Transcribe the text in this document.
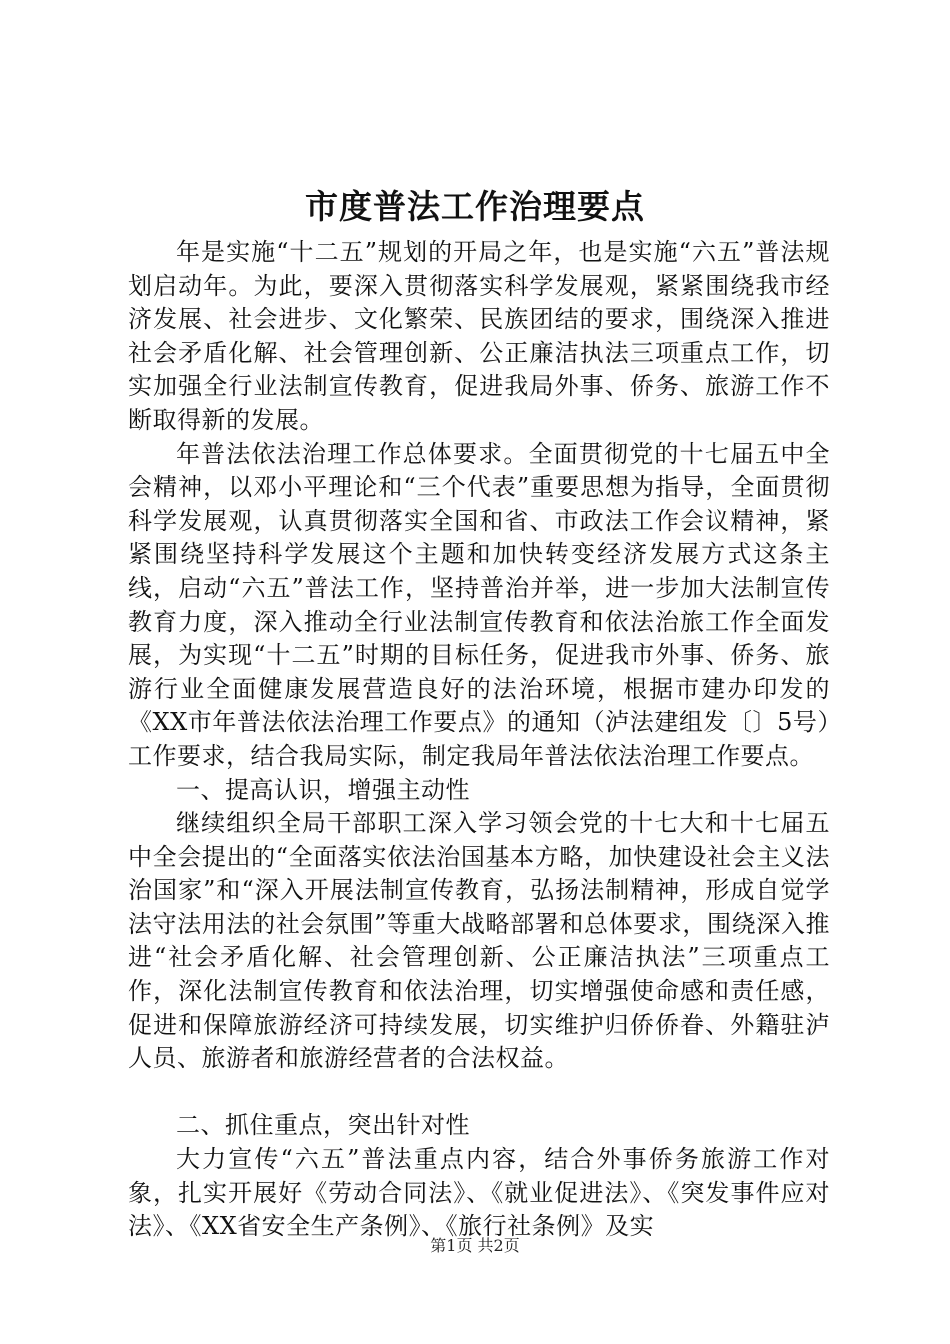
市度普法工作治理要点

年是实施“十二五”规划的开局之年，也是实施“六五”普法规划启动年。为此，要深入贯彻落实科学发展观，紧紧围绕我市经济发展、社会进步、文化繁荣、民族团结的要求，围绕深入推进社会矛盾化解、社会管理创新、公正廉洁执法三项重点工作，切实加强全行业法制宣传教育，促进我局外事、侨务、旅游工作不断取得新的发展。

年普法依法治理工作总体要求。全面贯彻党的十七届五中全会精神，以邓小平理论和“三个代表”重要思想为指导，全面贯彻科学发展观，认真贯彻落实全国和省、市政法工作会议精神，紧紧围绕坚持科学发展这个主题和加快转变经济发展方式这条主线，启动“六五”普法工作，坚持普治并举，进一步加大法制宣传教育力度，深入推动全行业法制宣传教育和依法治旅工作全面发展，为实现“十二五”时期的目标任务，促进我市外事、侨务、旅游行业全面健康发展营造良好的法治环境，根据市建办印发的《XX市年普法依法治理工作要点》的通知（泸法建组发〔〕5号）工作要求，结合我局实际，制定我局年普法依法治理工作要点。

一、提高认识，增强主动性

继续组织全局干部职工深入学习领会党的十七大和十七届五中全会提出的“全面落实依法治国基本方略，加快建设社会主义法治国家”和“深入开展法制宣传教育，弘扬法制精神，形成自觉学法守法用法的社会氛围”等重大战略部署和总体要求，围绕深入推进“社会矛盾化解、社会管理创新、公正廉洁执法”三项重点工作，深化法制宣传教育和依法治理，切实增强使命感和责任感，促进和保障旅游经济可持续发展，切实维护归侨侨眷、外籍驻泸人员、旅游者和旅游经营者的合法权益。

二、抓住重点，突出针对性

大力宣传“六五”普法重点内容，结合外事侨务旅游工作对象，扎实开展好《劳动合同法》、《就业促进法》、《突发事件应对法》、《XX省安全生产条例》、《旅行社条例》及实

第1页 共2页
